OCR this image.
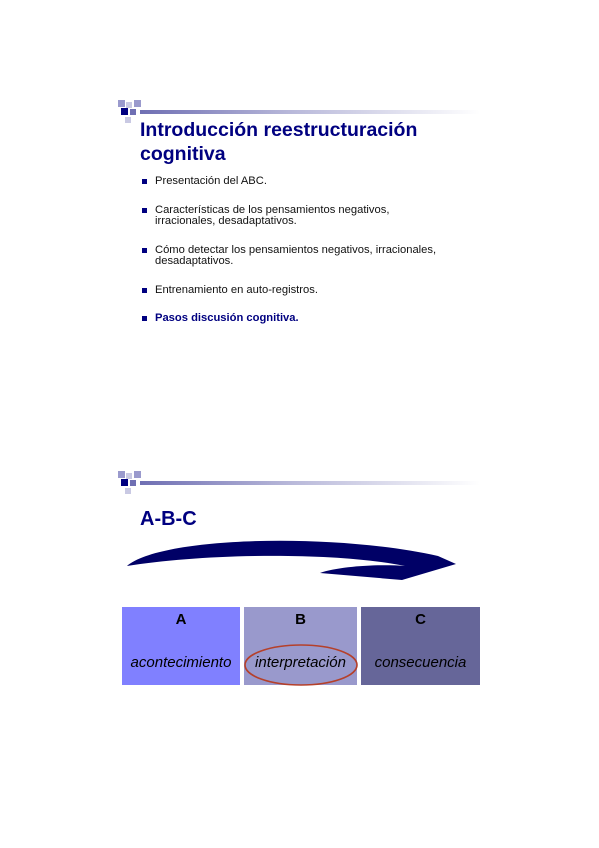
Introducción reestructuración
cognitiva
Presentación del ABC.
Características de los pensamientos negativos,
irracionales, desadaptativos.
Cómo detectar los pensamientos negativos, irracionales,
desadaptativos.
Entrenamiento en auto-registros.
Pasos discusión cognitiva.
A-B-C
A
acontecimiento
B
interpretación
C
consecuencia
